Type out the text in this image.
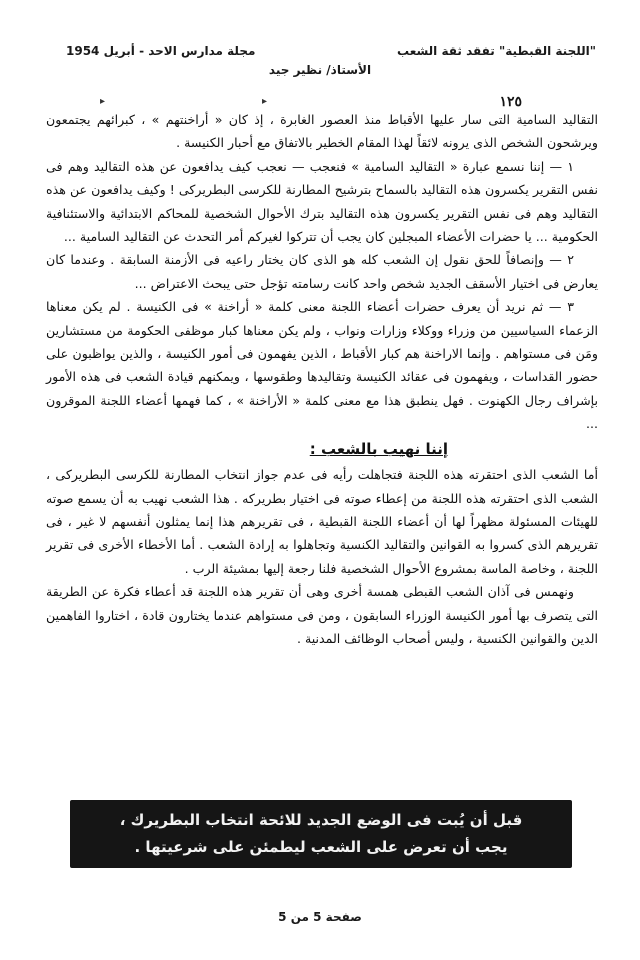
"اللجنة القبطية" تفقد ثقة الشعب
مجلة مدارس الاحد - أبريل 1954
الأستاذ/ نظير جيد
١٢٥
▸	▸

التقاليد السامية التى سار عليها الأقباط منذ العصور الغابرة ، إذ كان « أراخنتهم » ، كبرائهم يجتمعون ويرشحون الشخص الذى يرونه لائقاً لهذا المقام الخطير بالاتفاق مع أحبار الكنيسة .

١ — إننا نسمع عبارة « التقاليد السامية » فنعجب — نعجب كيف يدافعون عن هذه التقاليد وهم فى نفس التقرير يكسرون هذه التقاليد بالسماح بترشيح المطارنة للكرسى البطريركى ! وكيف يدافعون عن هذه التقاليد وهم فى نفس التقرير يكسرون هذه التقاليد بترك الأحوال الشخصية للمحاكم الابتدائية والاستئنافية الحكومية ... يا حضرات الأعضاء المبجلين كان يجب أن تتركوا لغيركم أمر التحدث عن التقاليد السامية ...

٢ — وإنصافاً للحق نقول إن الشعب كله هو الذى كان يختار راعيه فى الأزمنة السابقة . وعندما كان يعارض فى اختيار الأسقف الجديد شخص واحد كانت رسامته تؤجل حتى يبحث الاعتراض ...

٣ — ثم نريد أن يعرف حضرات أعضاء اللجنة معنى كلمة « أراخنة » فى الكنيسة . لم يكن معناها الزعماء السياسيين من وزراء ووكلاء وزارات ونواب ، ولم يكن معناها كبار موظفى الحكومة من مستشارين ومَن فى مستواهم . وإنما الاراخنة هم كبار الأقباط ، الذين يفهمون فى أمور الكنيسة ، والذين يواظبون على حضور القداسات ، ويفهمون فى عقائد الكنيسة وتقاليدها وطقوسها ، ويمكنهم قيادة الشعب فى هذه الأمور بإشراف رجال الكهنوت . فهل ينطبق هذا مع معنى كلمة « الأراخنة » ، كما فهمها أعضاء اللجنة الموقرون ...

إننا نهيب بالشعب :

أما الشعب الذى احتقرته هذه اللجنة فتجاهلت رأيه فى عدم جواز انتخاب المطارنة للكرسى البطريركى ، الشعب الذى احتقرته هذه اللجنة من إعطاء صوته فى اختيار بطريركه . هذا الشعب نهيب به أن يسمع صوته للهيئات المسئولة مظهراً لها أن أعضاء اللجنة القبطية ، فى تقريرهم هذا إنما يمثلون أنفسهم لا غير ، فى تقريرهم الذى كسروا به القوانين والتقاليد الكنسية وتجاهلوا به إرادة الشعب . أما الأخطاء الأخرى فى تقرير اللجنة ، وخاصة الماسة بمشروع الأحوال الشخصية فلنا رجعة إليها بمشيئة الرب .

ونهمس فى آذان الشعب القبطى همسة أخرى وهى أن تقرير هذه اللجنة قد أعطاء فكرة عن الطريقة التى يتصرف بها أمور الكنيسة الوزراء السابقون ، ومن فى مستواهم عندما يختارون قادة ، اختاروا الفاهمين الدين والقوانين الكنسية ، وليس أصحاب الوظائف المدنية .

قبل أن يُبت فى الوضع الجديد للائحة انتخاب البطريرك ،
يجب أن تعرض على الشعب ليطمئن على شرعيتها .
صفحة 5 من 5
